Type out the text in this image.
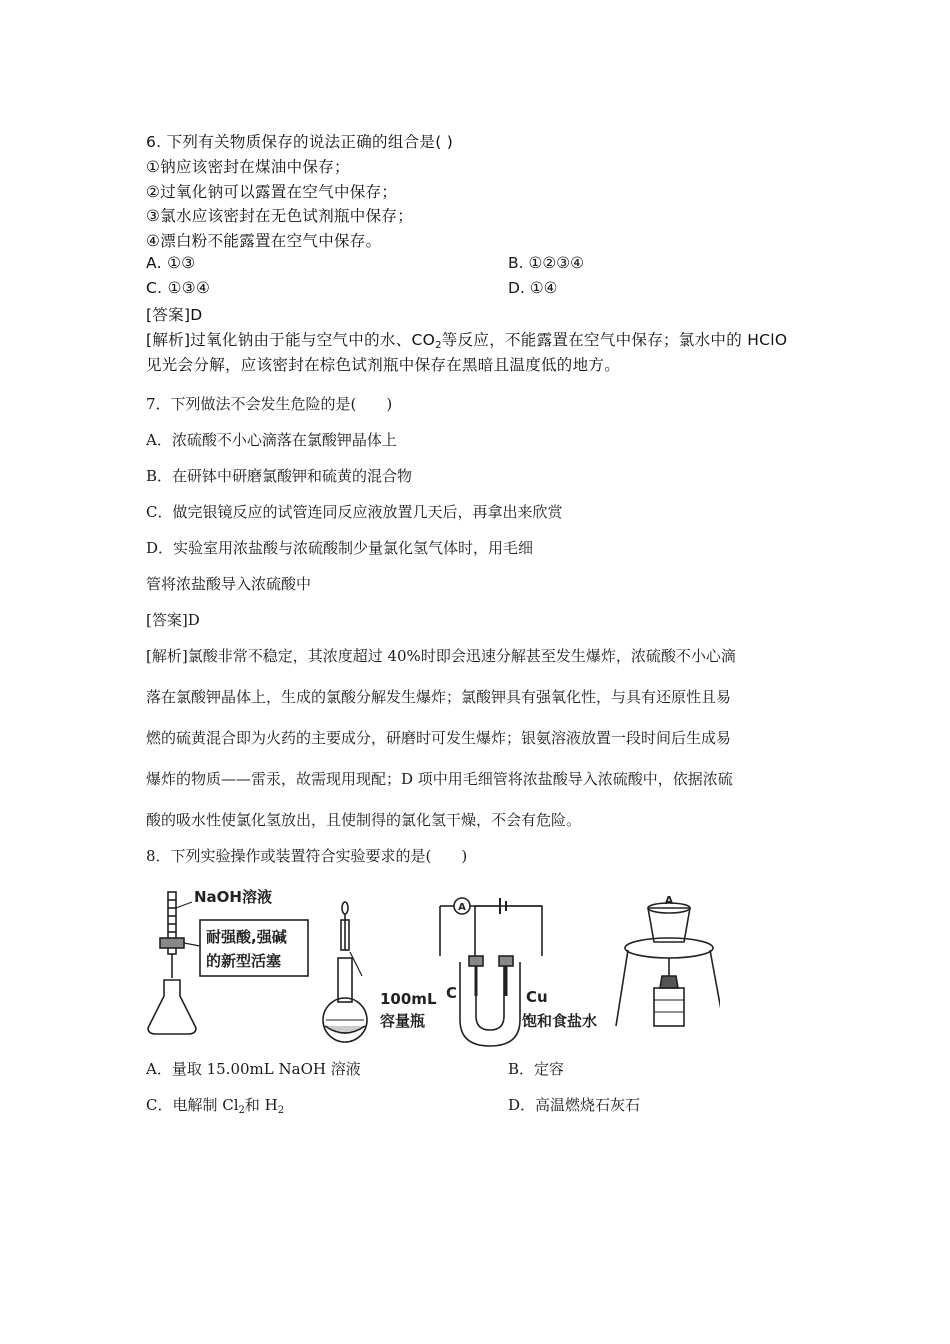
6. 下列有关物质保存的说法正确的组合是( )
①钠应该密封在煤油中保存；
②过氧化钠可以露置在空气中保存；
③氯水应该密封在无色试剂瓶中保存；
④漂白粉不能露置在空气中保存。
A. ①③	B. ①②③④
C. ①③④	D. ①④
[答案]D
[解析]过氧化钠由于能与空气中的水、$CO_2$等反应，不能露置在空气中保存；氯水中的 HClO
见光会分解，应该密封在棕色试剂瓶中保存在黑暗且温度低的地方。
7．下列做法不会发生危险的是(　　)
A．浓硫酸不小心滴落在氯酸钾晶体上
B．在研钵中研磨氯酸钾和硫黄的混合物
C．做完银镜反应的试管连同反应液放置几天后，再拿出来欣赏
D．实验室用浓盐酸与浓硫酸制少量氯化氢气体时，用毛细
管将浓盐酸导入浓硫酸中
[答案]D
[解析]氯酸非常不稳定，其浓度超过 40%时即会迅速分解甚至发生爆炸，浓硫酸不小心滴
落在氯酸钾晶体上，生成的氯酸分解发生爆炸；氯酸钾具有强氧化性，与具有还原性且易
燃的硫黄混合即为火药的主要成分，研磨时可发生爆炸；银氨溶液放置一段时间后生成易
爆炸的物质——雷汞，故需现用现配；D 项中用毛细管将浓盐酸导入浓硫酸中，依据浓硫
酸的吸水性使氯化氢放出，且使制得的氯化氢干燥，不会有危险。
8．下列实验操作或装置符合实验要求的是(　　)
NaOH溶液
耐强酸,强碱
的新型活塞
100mL
容量瓶
A
C	Cu
饱和食盐水
A
A．量取 15.00mL NaOH 溶液	B．定容
C．电解制 $Cl_2$和 $H_2$	D．高温燃烧石灰石
